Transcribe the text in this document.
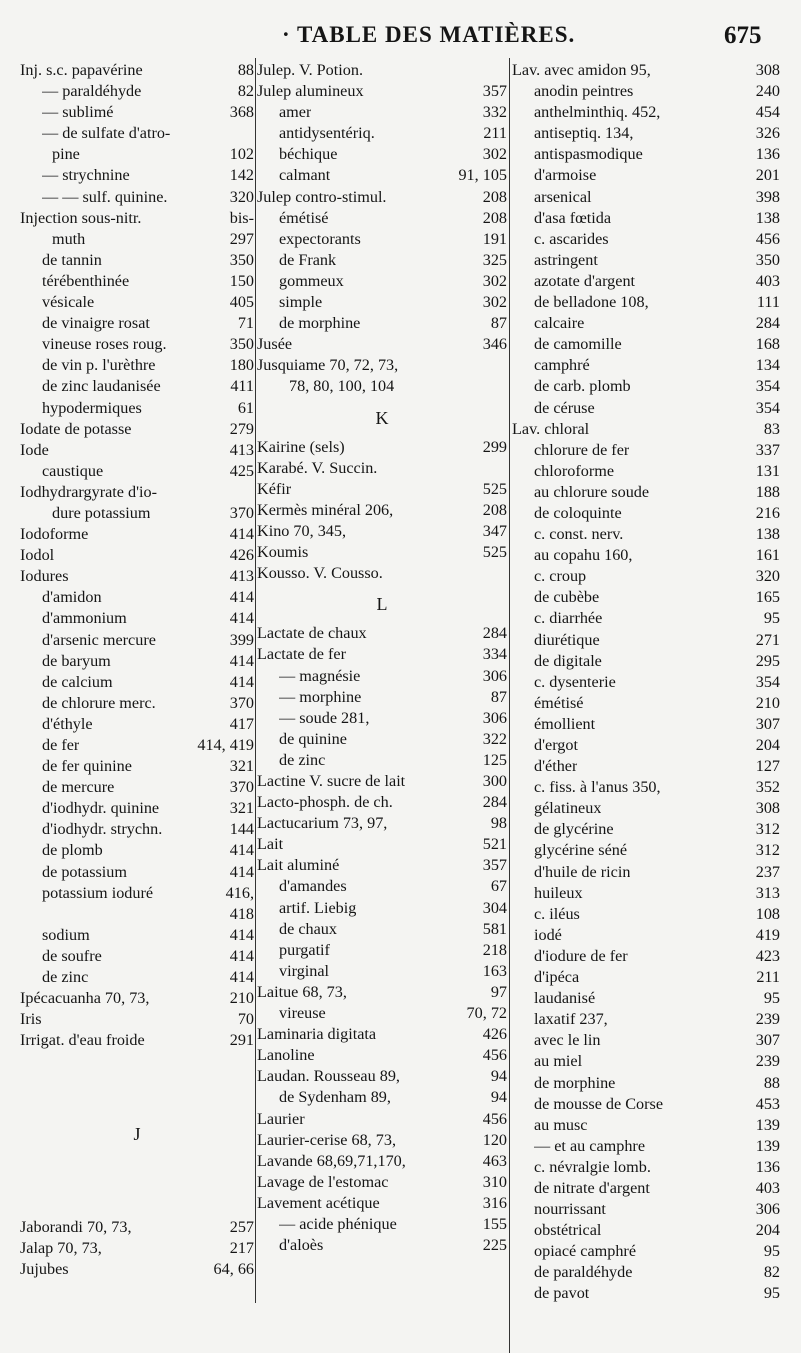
· TABLE DES MATIÈRES.	675
Inj. s.c. papavérine	88
— paraldéhyde	82
— sublimé	368
— de sulfate d'atro-
pine	102
— strychnine	142
— — sulf. quinine.	320
Injection sous-nitr.	bis-
muth	297
de tannin	350
térébenthinée	150
vésicale	405
de vinaigre rosat	71
vineuse roses roug.	350
de vin p. l'urèthre	180
de zinc laudanisée	411
hypodermiques	61
Iodate de potasse	279
Iode	413
caustique	425
Iodhydrargyrate d'io-
dure potassium	370
Iodoforme	414
Iodol	426
Iodures	413
d'amidon	414
d'ammonium	414
d'arsenic mercure	399
de baryum	414
de calcium	414
de chlorure merc.	370
d'éthyle	417
de fer	414, 419
de fer quinine	321
de mercure	370
d'iodhydr. quinine	321
d'iodhydr. strychn.	144
de plomb	414
de potassium	414
potassium ioduré	416,
418
sodium	414
de soufre	414
de zinc	414
Ipécacuanha 70, 73,	210
Iris	70
Irrigat. d'eau froide	291
J
Jaborandi 70, 73,	257
Jalap 70, 73,	217
Jujubes	64, 66
Julep. V. Potion.
Julep alumineux	357
amer	332
antidysentériq.	211
béchique	302
calmant	91, 105
Julep contro-stimul.	208
émétisé	208
expectorants	191
de Frank	325
gommeux	302
simple	302
de morphine	87
Jusée	346
Jusquiame 70, 72, 73,
78, 80, 100, 104
K
Kairine (sels)	299
Karabé. V. Succin.
Kéfir	525
Kermès minéral 206,	208
Kino 70, 345,	347
Koumis	525
Kousso. V. Cousso.
L
Lactate de chaux	284
Lactate de fer	334
— magnésie	306
— morphine	87
— soude 281,	306
de quinine	322
de zinc	125
Lactine V. sucre de lait	300
Lacto-phosph. de ch.	284
Lactucarium 73, 97,	98
Lait	521
Lait aluminé	357
d'amandes	67
artif. Liebig	304
de chaux	581
purgatif	218
virginal	163
Laitue 68, 73,	97
vireuse	70, 72
Laminaria digitata	426
Lanoline	456
Laudan. Rousseau 89,	94
de Sydenham 89,	94
Laurier	456
Laurier-cerise 68, 73,	120
Lavande 68,69,71,170,	463
Lavage de l'estomac	310
Lavement acétique	316
— acide phénique	155
d'aloès	225
Lav. avec amidon 95,	308
anodin peintres	240
anthelminthiq. 452,	454
antiseptiq. 134,	326
antispasmodique	136
d'armoise	201
arsenical	398
d'asa fœtida	138
c. ascarides	456
astringent	350
azotate d'argent	403
de belladone 108,	111
calcaire	284
de camomille	168
camphré	134
de carb. plomb	354
de céruse	354
Lav. chloral	83
chlorure de fer	337
chloroforme	131
au chlorure soude	188
de coloquinte	216
c. const. nerv.	138
au copahu 160,	161
c. croup	320
de cubèbe	165
c. diarrhée	95
diurétique	271
de digitale	295
c. dysenterie	354
émétisé	210
émollient	307
d'ergot	204
d'éther	127
c. fiss. à l'anus 350,	352
gélatineux	308
de glycérine	312
glycérine séné	312
d'huile de ricin	237
huileux	313
c. iléus	108
iodé	419
d'iodure de fer	423
d'ipéca	211
laudanisé	95
laxatif 237,	239
avec le lin	307
au miel	239
de morphine	88
de mousse de Corse	453
au musc	139
— et au camphre	139
c. névralgie lomb.	136
de nitrate d'argent	403
nourrissant	306
obstétrical	204
opiacé camphré	95
de paraldéhyde	82
de pavot	95
